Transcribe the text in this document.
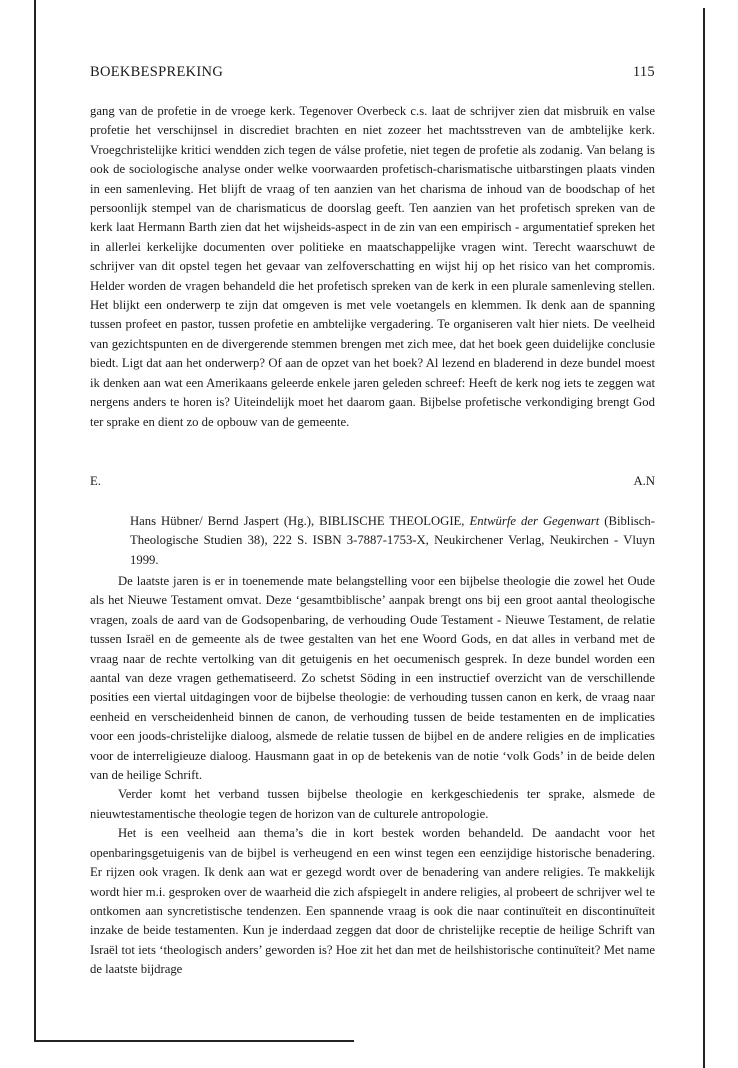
BOEKBESPREKING	115

gang van de profetie in de vroege kerk. Tegenover Overbeck c.s. laat de schrijver zien dat misbruik en valse profetie het verschijnsel in discrediet brachten en niet zozeer het machtsstreven van de ambtelijke kerk. Vroegchristelijke kritici wendden zich tegen de válse profetie, niet tegen de profetie als zodanig. Van belang is ook de sociologische analyse onder welke voorwaarden profetisch-charismatische uitbarstingen plaats vinden in een samenleving. Het blijft de vraag of ten aanzien van het charisma de inhoud van de boodschap of het persoonlijk stempel van de charismaticus de doorslag geeft. Ten aanzien van het profetisch spreken van de kerk laat Hermann Barth zien dat het wijsheids-aspect in de zin van een empirisch - argumentatief spreken het in allerlei kerkelijke documenten over politieke en maatschappelijke vragen wint. Terecht waarschuwt de schrijver van dit opstel tegen het gevaar van zelfoverschatting en wijst hij op het risico van het compromis. Helder worden de vragen behandeld die het profetisch spreken van de kerk in een plurale samenleving stellen. Het blijkt een onderwerp te zijn dat omgeven is met vele voetangels en klemmen. Ik denk aan de spanning tussen profeet en pastor, tussen profetie en ambtelijke vergadering. Te organiseren valt hier niets. De veelheid van gezichtspunten en de divergerende stemmen brengen met zich mee, dat het boek geen duidelijke conclusie biedt. Ligt dat aan het onderwerp? Of aan de opzet van het boek? Al lezend en bladerend in deze bundel moest ik denken aan wat een Amerikaans geleerde enkele jaren geleden schreef: Heeft de kerk nog iets te zeggen wat nergens anders te horen is? Uiteindelijk moet het daarom gaan. Bijbelse profetische verkondiging brengt God ter sprake en dient zo de opbouw van de gemeente.

E.	A.N
Hans Hübner/ Bernd Jaspert (Hg.), BIBLISCHE THEOLOGIE, Entwürfe der Gegenwart (Biblisch-Theologische Studien 38), 222 S. ISBN 3-7887-1753-X, Neukirchener Verlag, Neukirchen - Vluyn 1999.

De laatste jaren is er in toenemende mate belangstelling voor een bijbelse theologie die zowel het Oude als het Nieuwe Testament omvat. Deze ‘gesamtbiblische’ aanpak brengt ons bij een groot aantal theologische vragen, zoals de aard van de Godsopenbaring, de verhouding Oude Testament - Nieuwe Testament, de relatie tussen Israël en de gemeente als de twee gestalten van het ene Woord Gods, en dat alles in verband met de vraag naar de rechte vertolking van dit getuigenis en het oecumenisch gesprek. In deze bundel worden een aantal van deze vragen gethematiseerd. Zo schetst Söding in een instructief overzicht van de verschillende posities een viertal uitdagingen voor de bijbelse theologie: de verhouding tussen canon en kerk, de vraag naar eenheid en verscheidenheid binnen de canon, de verhouding tussen de beide testamenten en de implicaties voor een joods-christelijke dialoog, alsmede de relatie tussen de bijbel en de andere religies en de implicaties voor de interreligieuze dialoog. Hausmann gaat in op de betekenis van de notie ‘volk Gods’ in de beide delen van de heilige Schrift.

Verder komt het verband tussen bijbelse theologie en kerkgeschiedenis ter sprake, alsmede de nieuwtestamentische theologie tegen de horizon van de culturele antropologie.

Het is een veelheid aan thema’s die in kort bestek worden behandeld. De aandacht voor het openbaringsgetuigenis van de bijbel is verheugend en een winst tegen een eenzijdige historische benadering. Er rijzen ook vragen. Ik denk aan wat er gezegd wordt over de benadering van andere religies. Te makkelijk wordt hier m.i. gesproken over de waarheid die zich afspiegelt in andere religies, al probeert de schrijver wel te ontkomen aan syncretistische tendenzen. Een spannende vraag is ook die naar continuïteit en discontinuïteit inzake de beide testamenten. Kun je inderdaad zeggen dat door de christelijke receptie de heilige Schrift van Israël tot iets ‘theologisch anders’ geworden is? Hoe zit het dan met de heilshistorische continuïteit? Met name de laatste bijdrage
